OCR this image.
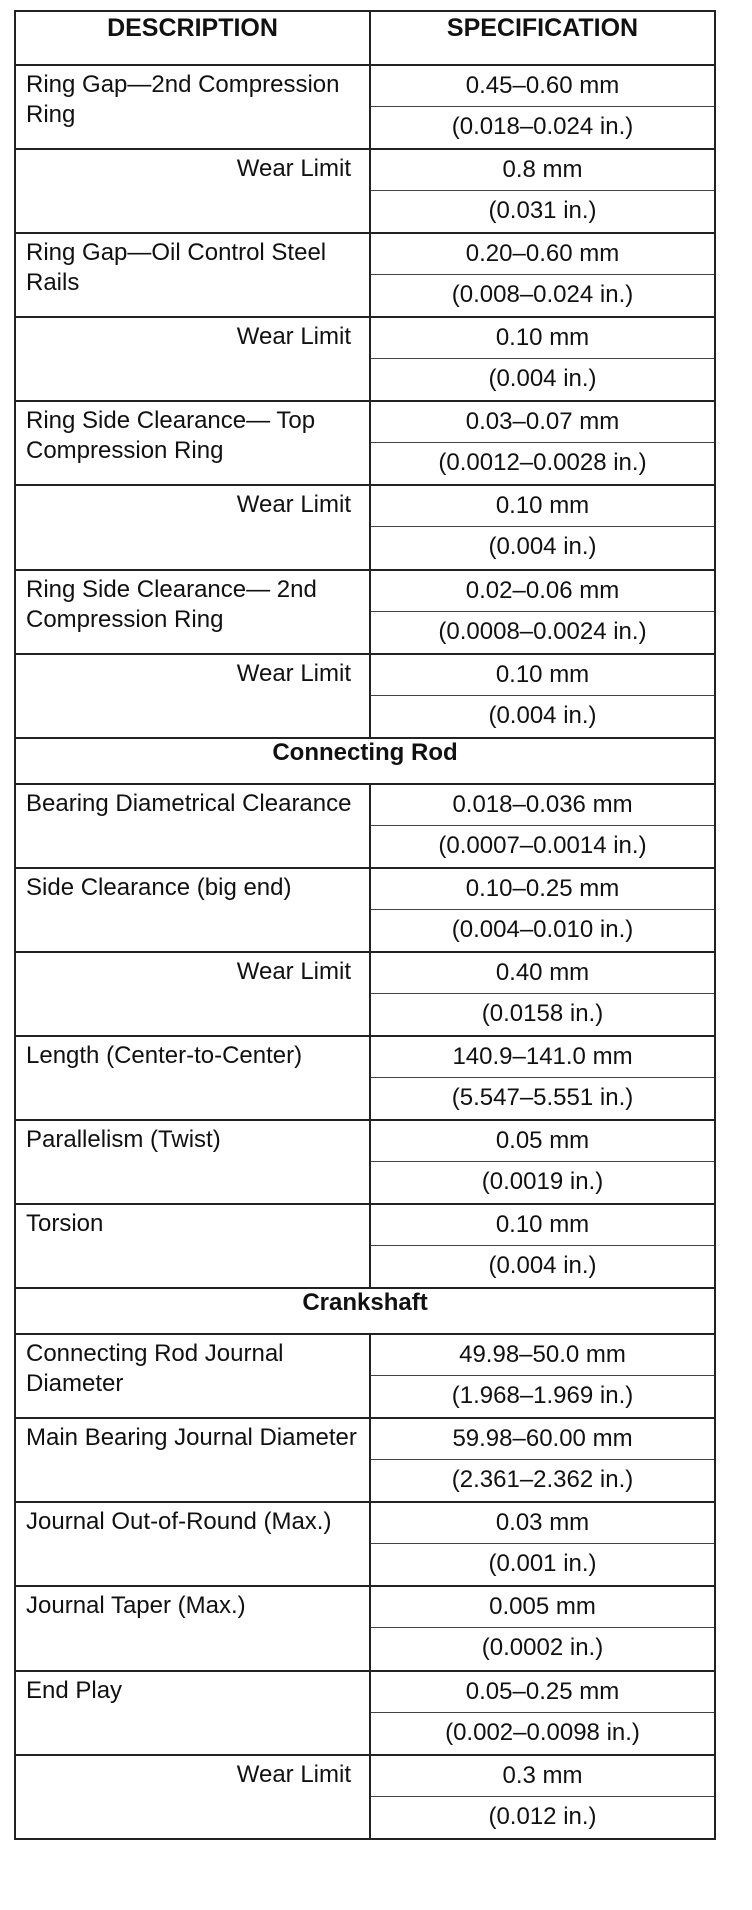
DESCRIPTION	SPECIFICATION
Ring Gap—2nd Compression Ring	0.45–0.60 mm
(0.018–0.024 in.)

Wear Limit	0.8 mm
(0.031 in.)

Ring Gap—Oil Control Steel Rails	0.20–0.60 mm
(0.008–0.024 in.)

Wear Limit	0.10 mm
(0.004 in.)

Ring Side Clearance— Top Compression Ring	0.03–0.07 mm
(0.0012–0.0028 in.)

Wear Limit	0.10 mm
(0.004 in.)

Ring Side Clearance— 2nd Compression Ring	0.02–0.06 mm
(0.0008–0.0024 in.)

Wear Limit	0.10 mm
(0.004 in.)

Connecting Rod	
Bearing Diametrical Clearance	0.018–0.036 mm
(0.0007–0.0014 in.)

Side Clearance (big end)	0.10–0.25 mm
(0.004–0.010 in.)

Wear Limit	0.40 mm
(0.0158 in.)

Length (Center-to-Center)	140.9–141.0 mm
(5.547–5.551 in.)

Parallelism (Twist)	0.05 mm
(0.0019 in.)

Torsion	0.10 mm
(0.004 in.)

Crankshaft	
Connecting Rod Journal Diameter	49.98–50.0 mm
(1.968–1.969 in.)

Main Bearing Journal Diameter	59.98–60.00 mm
(2.361–2.362 in.)

Journal Out-of-Round (Max.)	0.03 mm
(0.001 in.)

Journal Taper (Max.)	0.005 mm
(0.0002 in.)

End Play	0.05–0.25 mm
(0.002–0.0098 in.)

Wear Limit	0.3 mm
(0.012 in.)
